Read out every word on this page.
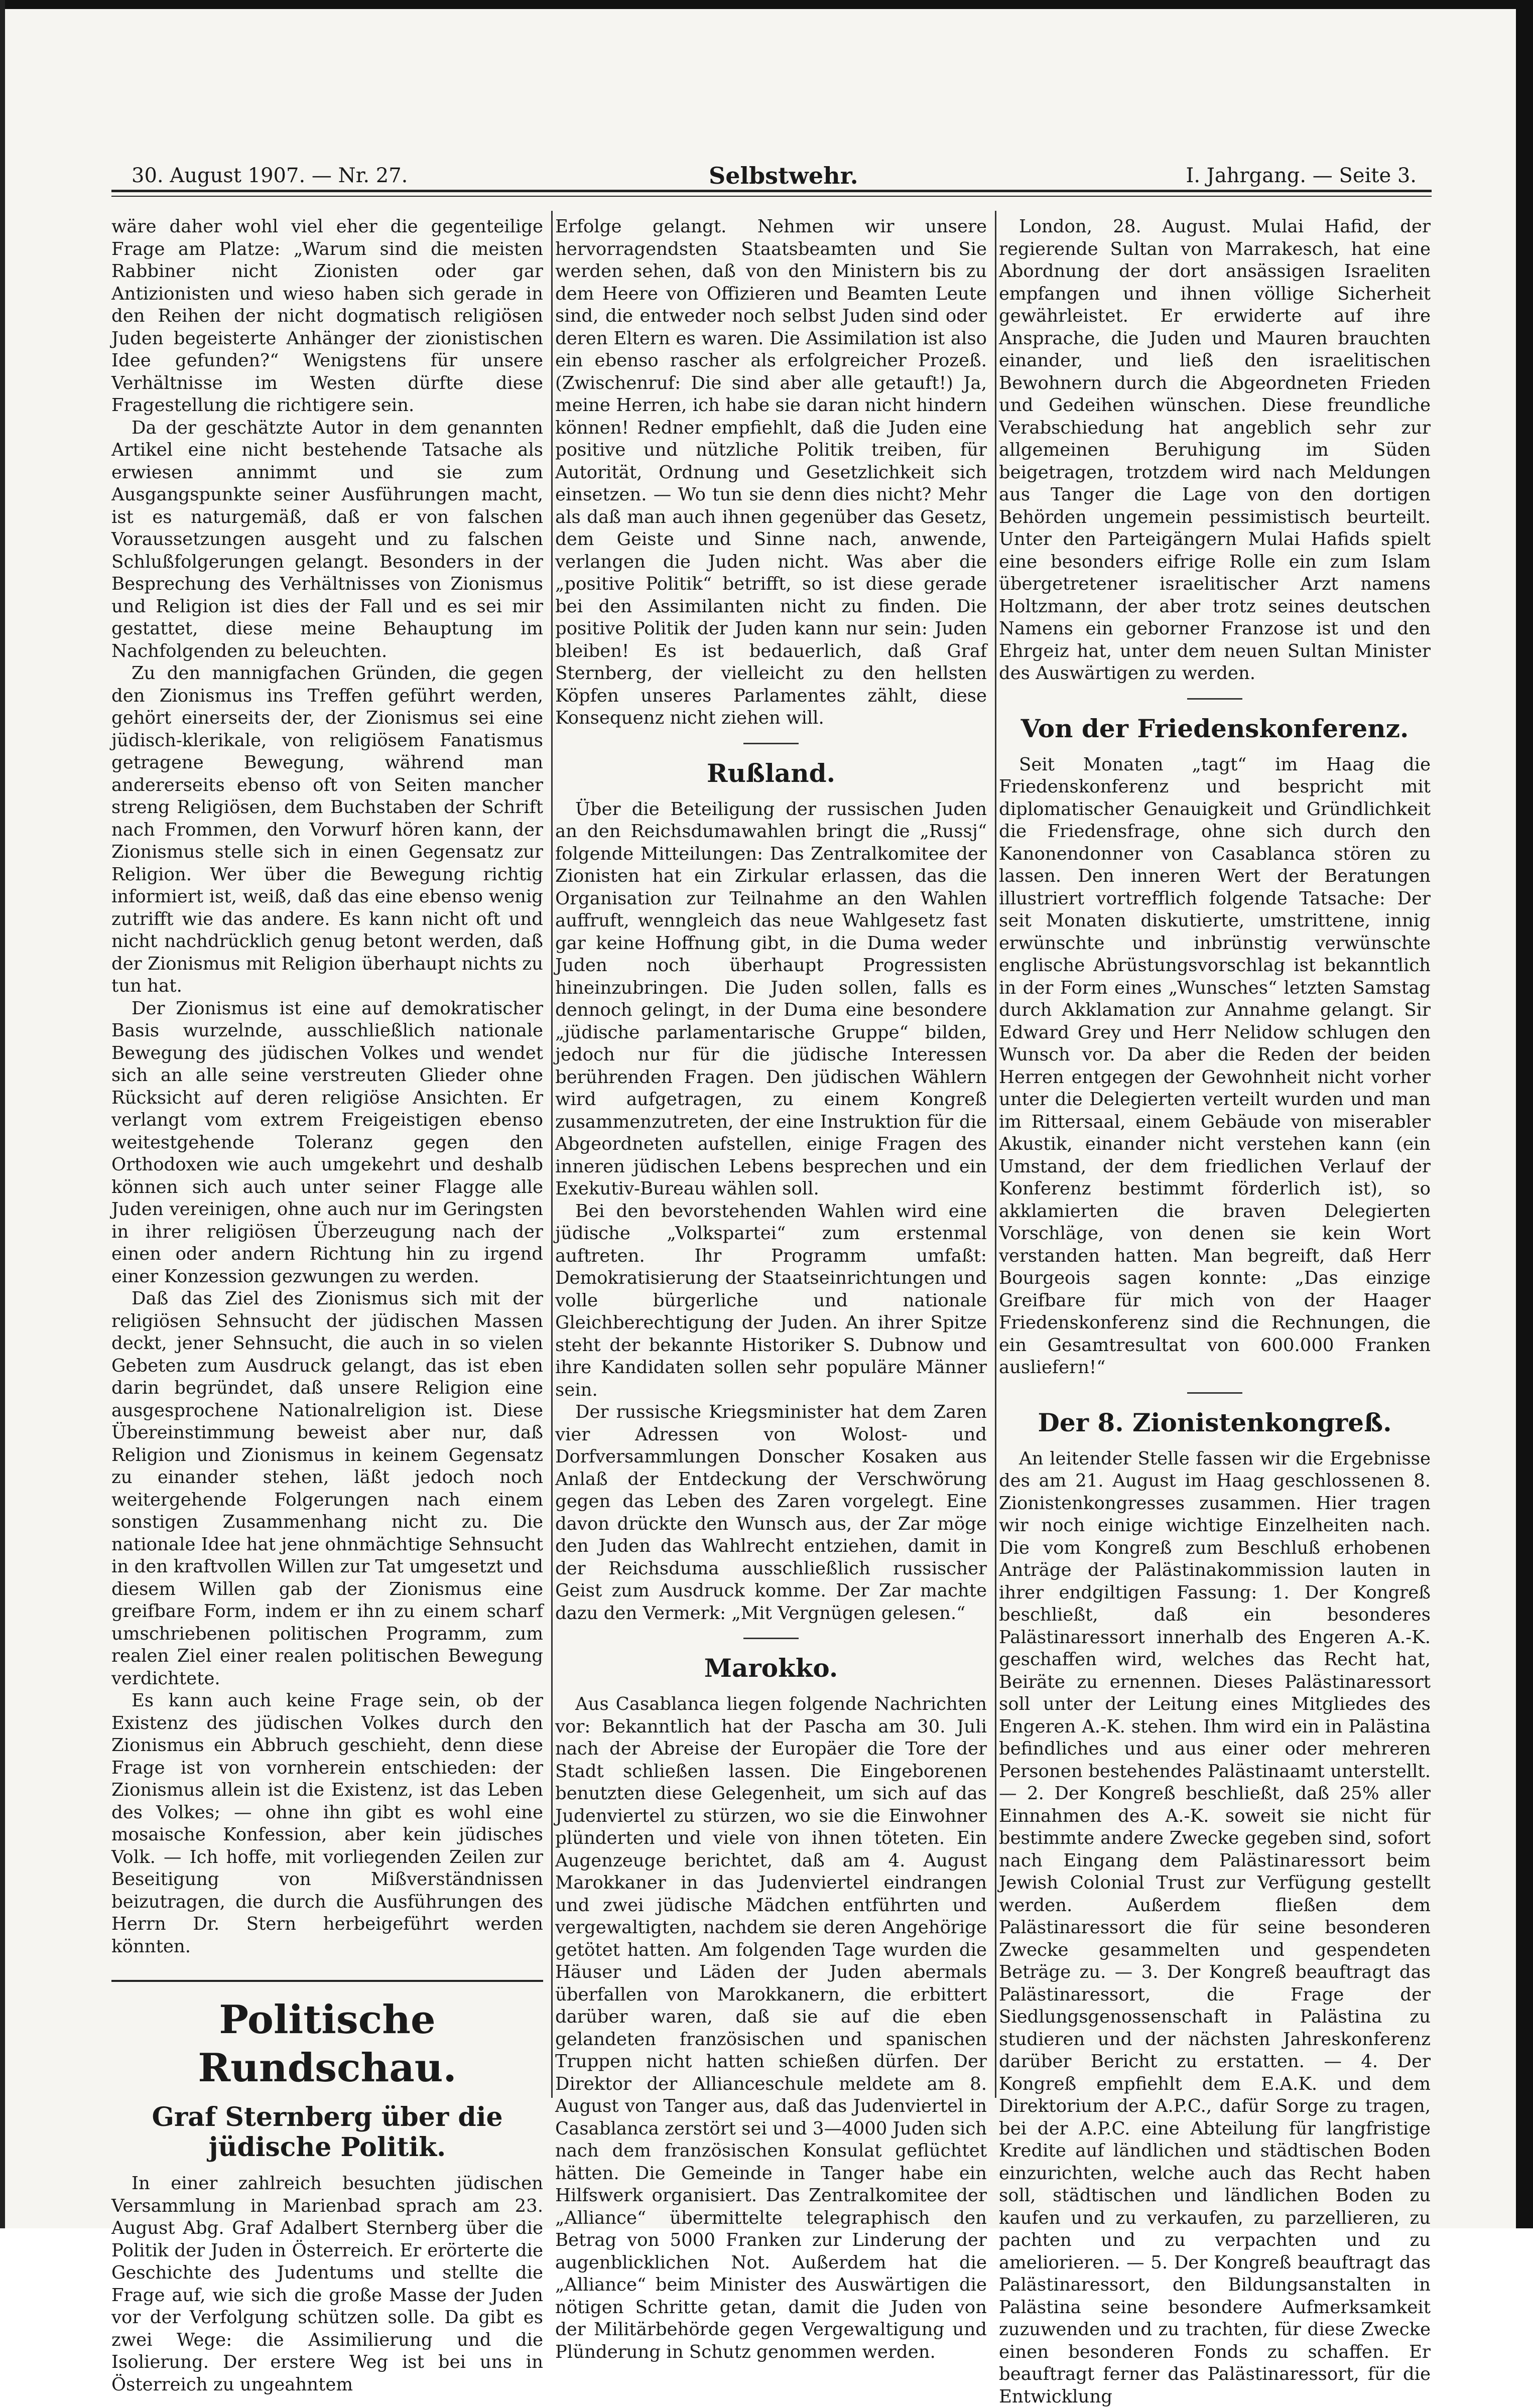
30. August 1907. — Nr. 27.	Selbstwehr.	I. Jahrgang. — Seite 3.

wäre daher wohl viel eher die gegenteilige Frage am Platze: „Warum sind die meisten Rabbiner nicht Zionisten oder gar Antizionisten und wieso haben sich gerade in den Reihen der nicht dogmatisch religiösen Juden begeisterte Anhänger der zionistischen Idee gefunden?“ Wenigstens für unsere Verhältnisse im Westen dürfte diese Fragestellung die richtigere sein.

Da der geschätzte Autor in dem genannten Artikel eine nicht bestehende Tatsache als erwiesen annimmt und sie zum Ausgangspunkte seiner Ausführungen macht, ist es naturgemäß, daß er von falschen Voraussetzungen ausgeht und zu falschen Schlußfolgerungen gelangt. Besonders in der Besprechung des Verhältnisses von Zionismus und Religion ist dies der Fall und es sei mir gestattet, diese meine Behauptung im Nachfolgenden zu beleuchten.

Zu den mannigfachen Gründen, die gegen den Zionismus ins Treffen geführt werden, gehört einerseits der, der Zionismus sei eine jüdisch-klerikale, von religiösem Fanatismus getragene Bewegung, während man andererseits ebenso oft von Seiten mancher streng Religiösen, dem Buchstaben der Schrift nach Frommen, den Vorwurf hören kann, der Zionismus stelle sich in einen Gegensatz zur Religion. Wer über die Bewegung richtig informiert ist, weiß, daß das eine ebenso wenig zutrifft wie das andere. Es kann nicht oft und nicht nachdrücklich genug betont werden, daß der Zionismus mit Religion überhaupt nichts zu tun hat.

Der Zionismus ist eine auf demokratischer Basis wurzelnde, ausschließlich nationale Bewegung des jüdischen Volkes und wendet sich an alle seine verstreuten Glieder ohne Rücksicht auf deren religiöse Ansichten. Er verlangt vom extrem Freigeistigen ebenso weitestgehende Toleranz gegen den Orthodoxen wie auch umgekehrt und deshalb können sich auch unter seiner Flagge alle Juden vereinigen, ohne auch nur im Geringsten in ihrer religiösen Überzeugung nach der einen oder andern Richtung hin zu irgend einer Konzession gezwungen zu werden.

Daß das Ziel des Zionismus sich mit der religiösen Sehnsucht der jüdischen Massen deckt, jener Sehnsucht, die auch in so vielen Gebeten zum Ausdruck gelangt, das ist eben darin begründet, daß unsere Religion eine ausgesprochene Nationalreligion ist. Diese Übereinstimmung beweist aber nur, daß Religion und Zionismus in keinem Gegensatz zu einander stehen, läßt jedoch noch weitergehende Folgerungen nach einem sonstigen Zusammenhang nicht zu. Die nationale Idee hat jene ohnmächtige Sehnsucht in den kraftvollen Willen zur Tat umgesetzt und diesem Willen gab der Zionismus eine greifbare Form, indem er ihn zu einem scharf umschriebenen politischen Programm, zum realen Ziel einer realen politischen Bewegung verdichtete.

Es kann auch keine Frage sein, ob der Existenz des jüdischen Volkes durch den Zionismus ein Abbruch geschieht, denn diese Frage ist von vornherein entschieden: der Zionismus allein ist die Existenz, ist das Leben des Volkes; — ohne ihn gibt es wohl eine mosaische Konfession, aber kein jüdisches Volk. — Ich hoffe, mit vorliegenden Zeilen zur Beseitigung von Mißverständnissen beizutragen, die durch die Ausführungen des Herrn Dr. Stern herbeigeführt werden könnten.

Politische Rundschau.
Graf Sternberg über die jüdische Politik.

In einer zahlreich besuchten jüdischen Versammlung in Marienbad sprach am 23. August Abg. Graf Adalbert Sternberg über die Politik der Juden in Österreich. Er erörterte die Geschichte des Judentums und stellte die Frage auf, wie sich die große Masse der Juden vor der Verfolgung schützen solle. Da gibt es zwei Wege: die Assimilierung und die Isolierung. Der erstere Weg ist bei uns in Österreich zu ungeahntem

Erfolge gelangt. Nehmen wir unsere hervorragendsten Staatsbeamten und Sie werden sehen, daß von den Ministern bis zu dem Heere von Offizieren und Beamten Leute sind, die entweder noch selbst Juden sind oder deren Eltern es waren. Die Assimilation ist also ein ebenso rascher als erfolgreicher Prozeß. (Zwischenruf: Die sind aber alle getauft!) Ja, meine Herren, ich habe sie daran nicht hindern können! Redner empfiehlt, daß die Juden eine positive und nützliche Politik treiben, für Autorität, Ordnung und Gesetzlichkeit sich einsetzen. — Wo tun sie denn dies nicht? Mehr als daß man auch ihnen gegenüber das Gesetz, dem Geiste und Sinne nach, anwende, verlangen die Juden nicht. Was aber die „positive Politik“ betrifft, so ist diese gerade bei den Assimilanten nicht zu finden. Die positive Politik der Juden kann nur sein: Juden bleiben! Es ist bedauerlich, daß Graf Sternberg, der vielleicht zu den hellsten Köpfen unseres Parlamentes zählt, diese Konsequenz nicht ziehen will.

Rußland.

Über die Beteiligung der russischen Juden an den Reichsdumawahlen bringt die „Russj“ folgende Mitteilungen: Das Zentralkomitee der Zionisten hat ein Zirkular erlassen, das die Organisation zur Teilnahme an den Wahlen auffruft, wenngleich das neue Wahlgesetz fast gar keine Hoffnung gibt, in die Duma weder Juden noch überhaupt Progressisten hineinzubringen. Die Juden sollen, falls es dennoch gelingt, in der Duma eine besondere „jüdische parlamentarische Gruppe“ bilden, jedoch nur für die jüdische Interessen berührenden Fragen. Den jüdischen Wählern wird aufgetragen, zu einem Kongreß zusammenzutreten, der eine Instruktion für die Abgeordneten aufstellen, einige Fragen des inneren jüdischen Lebens besprechen und ein Exekutiv-Bureau wählen soll.

Bei den bevorstehenden Wahlen wird eine jüdische „Volkspartei“ zum erstenmal auftreten. Ihr Programm umfaßt: Demokratisierung der Staatseinrichtungen und volle bürgerliche und nationale Gleichberechtigung der Juden. An ihrer Spitze steht der bekannte Historiker S. Dubnow und ihre Kandidaten sollen sehr populäre Männer sein.

Der russische Kriegsminister hat dem Zaren vier Adressen von Wolost- und Dorfversammlungen Donscher Kosaken aus Anlaß der Entdeckung der Verschwörung gegen das Leben des Zaren vorgelegt. Eine davon drückte den Wunsch aus, der Zar möge den Juden das Wahlrecht entziehen, damit in der Reichsduma ausschließlich russischer Geist zum Ausdruck komme. Der Zar machte dazu den Vermerk: „Mit Vergnügen gelesen.“

Marokko.

Aus Casablanca liegen folgende Nachrichten vor: Bekanntlich hat der Pascha am 30. Juli nach der Abreise der Europäer die Tore der Stadt schließen lassen. Die Eingeborenen benutzten diese Gelegenheit, um sich auf das Judenviertel zu stürzen, wo sie die Einwohner plünderten und viele von ihnen töteten. Ein Augenzeuge berichtet, daß am 4. August Marokkaner in das Judenviertel eindrangen und zwei jüdische Mädchen entführten und vergewaltigten, nachdem sie deren Angehörige getötet hatten. Am folgenden Tage wurden die Häuser und Läden der Juden abermals überfallen von Marokkanern, die erbittert darüber waren, daß sie auf die eben gelandeten französischen und spanischen Truppen nicht hatten schießen dürfen. Der Direktor der Allianceschule meldete am 8. August von Tanger aus, daß das Judenviertel in Casablanca zerstört sei und 3—4000 Juden sich nach dem französischen Konsulat geflüchtet hätten. Die Gemeinde in Tanger habe ein Hilfswerk organisiert. Das Zentralkomitee der „Alliance“ übermittelte telegraphisch den Betrag von 5000 Franken zur Linderung der augenblicklichen Not. Außerdem hat die „Alliance“ beim Minister des Auswärtigen die nötigen Schritte getan, damit die Juden von der Militärbehörde gegen Vergewaltigung und Plünderung in Schutz genommen werden.

London, 28. August. Mulai Hafid, der regierende Sultan von Marrakesch, hat eine Abordnung der dort ansässigen Israeliten empfangen und ihnen völlige Sicherheit gewährleistet. Er erwiderte auf ihre Ansprache, die Juden und Mauren brauchten einander, und ließ den israelitischen Bewohnern durch die Abgeordneten Frieden und Gedeihen wünschen. Diese freundliche Verabschiedung hat angeblich sehr zur allgemeinen Beruhigung im Süden beigetragen, trotzdem wird nach Meldungen aus Tanger die Lage von den dortigen Behörden ungemein pessimistisch beurteilt. Unter den Parteigängern Mulai Hafids spielt eine besonders eifrige Rolle ein zum Islam übergetretener israelitischer Arzt namens Holtzmann, der aber trotz seines deutschen Namens ein geborner Franzose ist und den Ehrgeiz hat, unter dem neuen Sultan Minister des Auswärtigen zu werden.

Von der Friedenskonferenz.

Seit Monaten „tagt“ im Haag die Friedenskonferenz und bespricht mit diplomatischer Genauigkeit und Gründlichkeit die Friedensfrage, ohne sich durch den Kanonendonner von Casablanca stören zu lassen. Den inneren Wert der Beratungen illustriert vortrefflich folgende Tatsache: Der seit Monaten diskutierte, umstrittene, innig erwünschte und inbrünstig verwünschte englische Abrüstungsvorschlag ist bekanntlich in der Form eines „Wunsches“ letzten Samstag durch Akklamation zur Annahme gelangt. Sir Edward Grey und Herr Nelidow schlugen den Wunsch vor. Da aber die Reden der beiden Herren entgegen der Gewohnheit nicht vorher unter die Delegierten verteilt wurden und man im Rittersaal, einem Gebäude von miserabler Akustik, einander nicht verstehen kann (ein Umstand, der dem friedlichen Verlauf der Konferenz bestimmt förderlich ist), so akklamierten die braven Delegierten Vorschläge, von denen sie kein Wort verstanden hatten. Man begreift, daß Herr Bourgeois sagen konnte: „Das einzige Greifbare für mich von der Haager Friedenskonferenz sind die Rechnungen, die ein Gesamtresultat von 600.000 Franken ausliefern!“

Der 8. Zionistenkongreß.

An leitender Stelle fassen wir die Ergebnisse des am 21. August im Haag geschlossenen 8. Zionistenkongresses zusammen. Hier tragen wir noch einige wichtige Einzelheiten nach. Die vom Kongreß zum Beschluß erhobenen Anträge der Palästinakommission lauten in ihrer endgiltigen Fassung: 1. Der Kongreß beschließt, daß ein besonderes Palästinaressort innerhalb des Engeren A.-K. geschaffen wird, welches das Recht hat, Beiräte zu ernennen. Dieses Palästinaressort soll unter der Leitung eines Mitgliedes des Engeren A.-K. stehen. Ihm wird ein in Palästina befindliches und aus einer oder mehreren Personen bestehendes Palästinaamt unterstellt. — 2. Der Kongreß beschließt, daß 25% aller Einnahmen des A.-K. soweit sie nicht für bestimmte andere Zwecke gegeben sind, sofort nach Eingang dem Palästinaressort beim Jewish Colonial Trust zur Verfügung gestellt werden. Außerdem fließen dem Palästinaressort die für seine besonderen Zwecke gesammelten und gespendeten Beträge zu. — 3. Der Kongreß beauftragt das Palästinaressort, die Frage der Siedlungsgenossenschaft in Palästina zu studieren und der nächsten Jahreskonferenz darüber Bericht zu erstatten. — 4. Der Kongreß empfiehlt dem E.A.K. und dem Direktorium der A.P.C., dafür Sorge zu tragen, bei der A.P.C. eine Abteilung für langfristige Kredite auf ländlichen und städtischen Boden einzurichten, welche auch das Recht haben soll, städtischen und ländlichen Boden zu kaufen und zu verkaufen, zu parzellieren, zu pachten und zu verpachten und zu ameliorieren. — 5. Der Kongreß beauftragt das Palästinaressort, den Bildungsanstalten in Palästina seine besondere Aufmerksamkeit zuzuwenden und zu trachten, für diese Zwecke einen besonderen Fonds zu schaffen. Er beauftragt ferner das Palästinaressort, für die Entwicklung
